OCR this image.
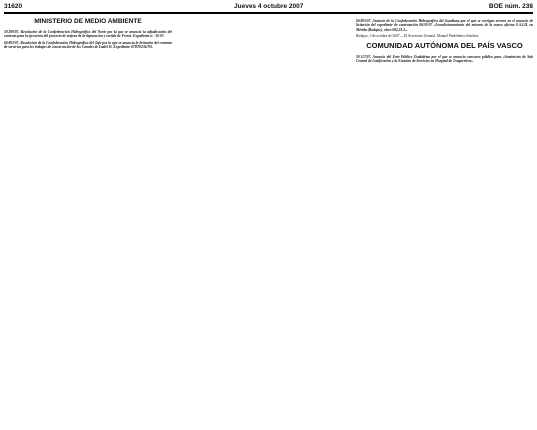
31620	Jueves 4 octubre 2007	BOE núm. 238
MINISTERIO DE MEDIO AMBIENTE

59.289/07. Resolución de la Confederación Hidrográfica del Norte por la que se anuncia la adjudicación del contrato para la ejecución del proyecto de mejora de la depuración y vertido de Ferrol. Expediente n.º 16-07.

60.802/07. Resolución de la Confederación Hidrográfica del Tajo por la que se anuncia la licitación del contrato de servicios para los trabajos de conservación de los Canales de Isabel II. Expediente 07DT0234/NS.

60.805/07. Anuncio de la Confederación Hidrográfica del Guadiana por el que se corrigen errores en el anuncio de licitación del expediente de contratación 06/30-07 «Acondicionamiento del entorno de la nueva oficina S.A.I.H. en Mérida (Badajoz), clave 002.23.2».

Badajoz, 3 de octubre de 2007.—El Secretario General, Manuel Piedehierro Sánchez.

COMUNIDAD AUTÓNOMA DEL PAÍS VASCO

59.117/07. Anuncio del Ente Público Osakidetza por el que se anuncia concurso público para «Suministro de Sub Central de Gasificación y la Estación de Servicios en Hospital de Txagorritxu».
